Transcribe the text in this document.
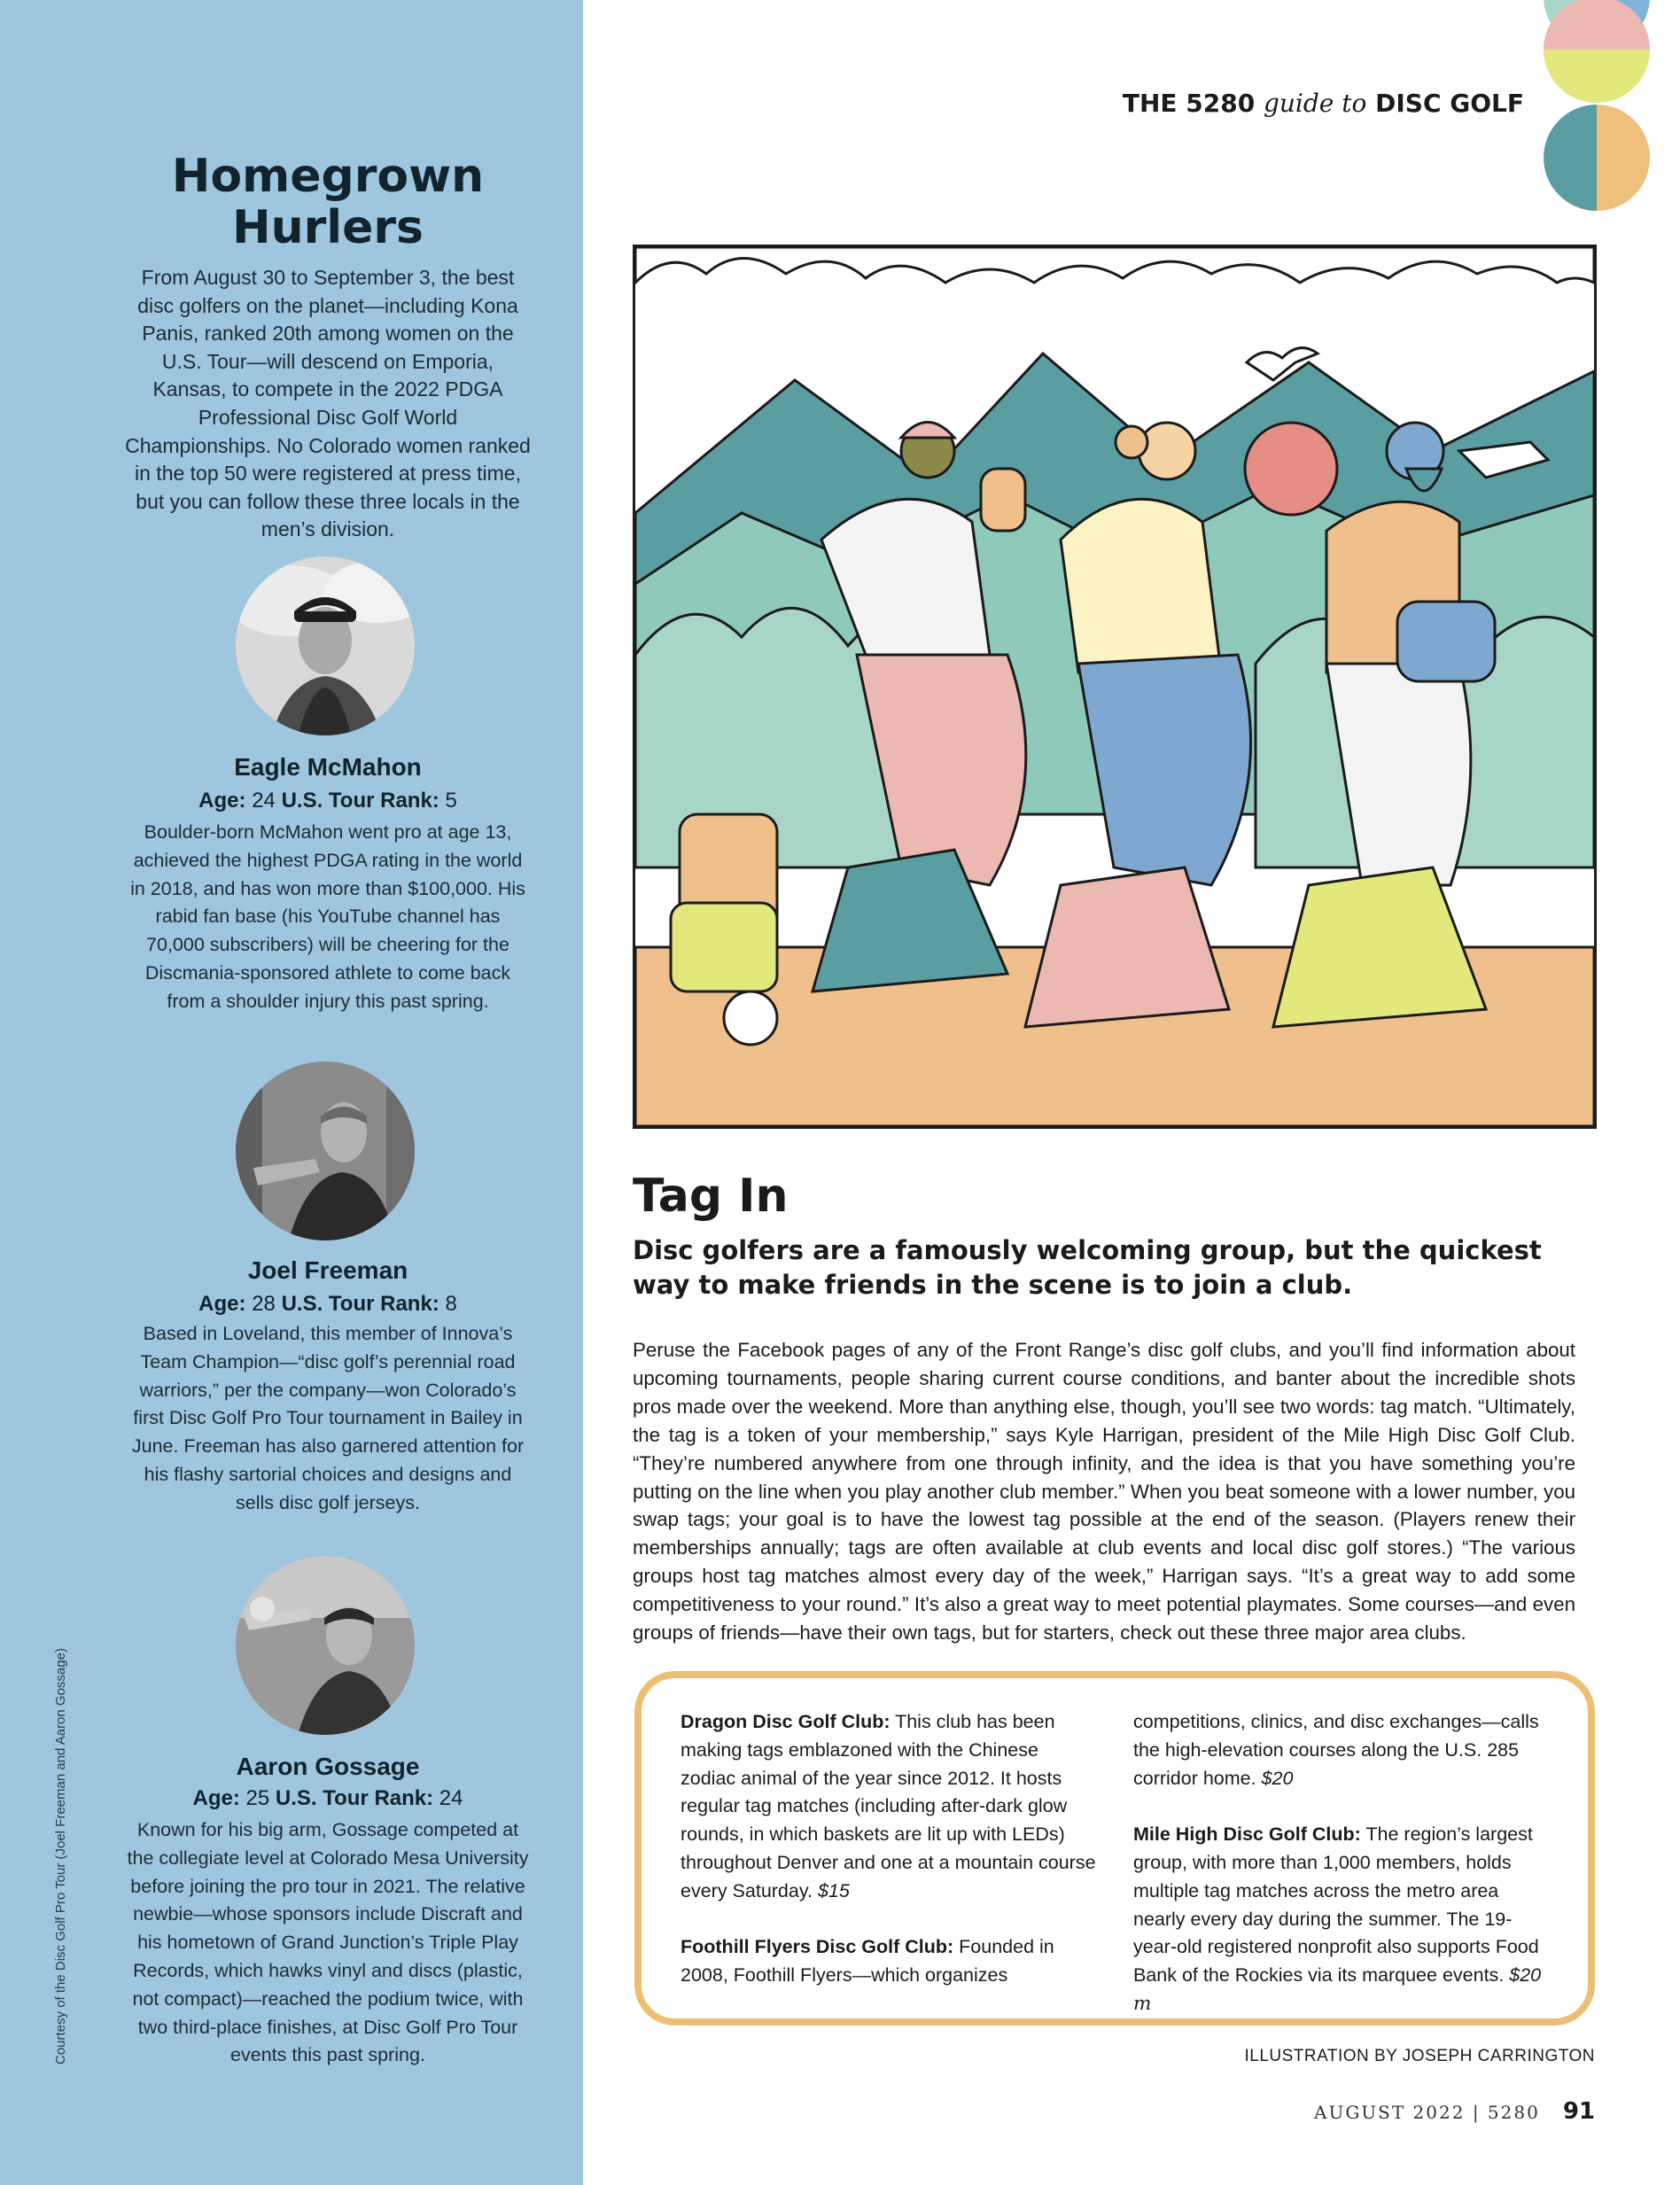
Homegrown Hurlers
From August 30 to September 3, the best disc golfers on the planet—including Kona Panis, ranked 20th among women on the U.S. Tour—will descend on Emporia, Kansas, to compete in the 2022 PDGA Professional Disc Golf World Championships. No Colorado women ranked in the top 50 were registered at press time, but you can follow these three locals in the men’s division.
Eagle McMahon
Age: 24 U.S. Tour Rank: 5
Boulder-born McMahon went pro at age 13, achieved the highest PDGA rating in the world in 2018, and has won more than $100,000. His rabid fan base (his YouTube channel has 70,000 subscribers) will be cheering for the Discmania-sponsored athlete to come back from a shoulder injury this past spring.
Joel Freeman
Age: 28 U.S. Tour Rank: 8
Based in Loveland, this member of Innova’s Team Champion—“disc golf’s perennial road warriors,” per the company—won Colorado’s first Disc Golf Pro Tour tournament in Bailey in June. Freeman has also garnered attention for his flashy sartorial choices and designs and sells disc golf jerseys.
Aaron Gossage
Age: 25 U.S. Tour Rank: 24
Known for his big arm, Gossage competed at the collegiate level at Colorado Mesa University before joining the pro tour in 2021. The relative newbie—whose sponsors include Discraft and his hometown of Grand Junction’s Triple Play Records, which hawks vinyl and discs (plastic, not compact)—reached the podium twice, with two third-place finishes, at Disc Golf Pro Tour events this past spring.
Courtesy of the Disc Golf Pro Tour (Joel Freeman and Aaron Gossage)
THE 5280 guide to DISC GOLF
Tag In
Disc golfers are a famously welcoming group, but the quickest way to make friends in the scene is to join a club.
Peruse the Facebook pages of any of the Front Range’s disc golf clubs, and you’ll find information about upcoming tournaments, people sharing current course conditions, and banter about the incredible shots pros made over the weekend. More than anything else, though, you’ll see two words: tag match. “Ultimately, the tag is a token of your membership,” says Kyle Harrigan, president of the Mile High Disc Golf Club. “They’re numbered anywhere from one through infinity, and the idea is that you have something you’re putting on the line when you play another club member.” When you beat someone with a lower number, you swap tags; your goal is to have the lowest tag possible at the end of the season. (Players renew their memberships annually; tags are often available at club events and local disc golf stores.) “The various groups host tag matches almost every day of the week,” Harrigan says. “It’s a great way to add some competitiveness to your round.” It’s also a great way to meet potential playmates. Some courses—and even groups of friends—have their own tags, but for starters, check out these three major area clubs.

Dragon Disc Golf Club: This club has been making tags emblazoned with the Chinese zodiac animal of the year since 2012. It hosts regular tag matches (including after-dark glow rounds, in which baskets are lit up with LEDs) throughout Denver and one at a mountain course every Saturday. $15

Foothill Flyers Disc Golf Club: Founded in 2008, Foothill Flyers—which organizes

competitions, clinics, and disc exchanges—calls the high-elevation courses along the U.S. 285 corridor home. $20

Mile High Disc Golf Club: The region’s largest group, with more than 1,000 members, holds multiple tag matches across the metro area nearly every day during the summer. The 19-year-old registered nonprofit also supports Food Bank of the Rockies via its marquee events. $20 m

ILLUSTRATION BY JOSEPH CARRINGTON
AUGUST 2022 | 5280 91
